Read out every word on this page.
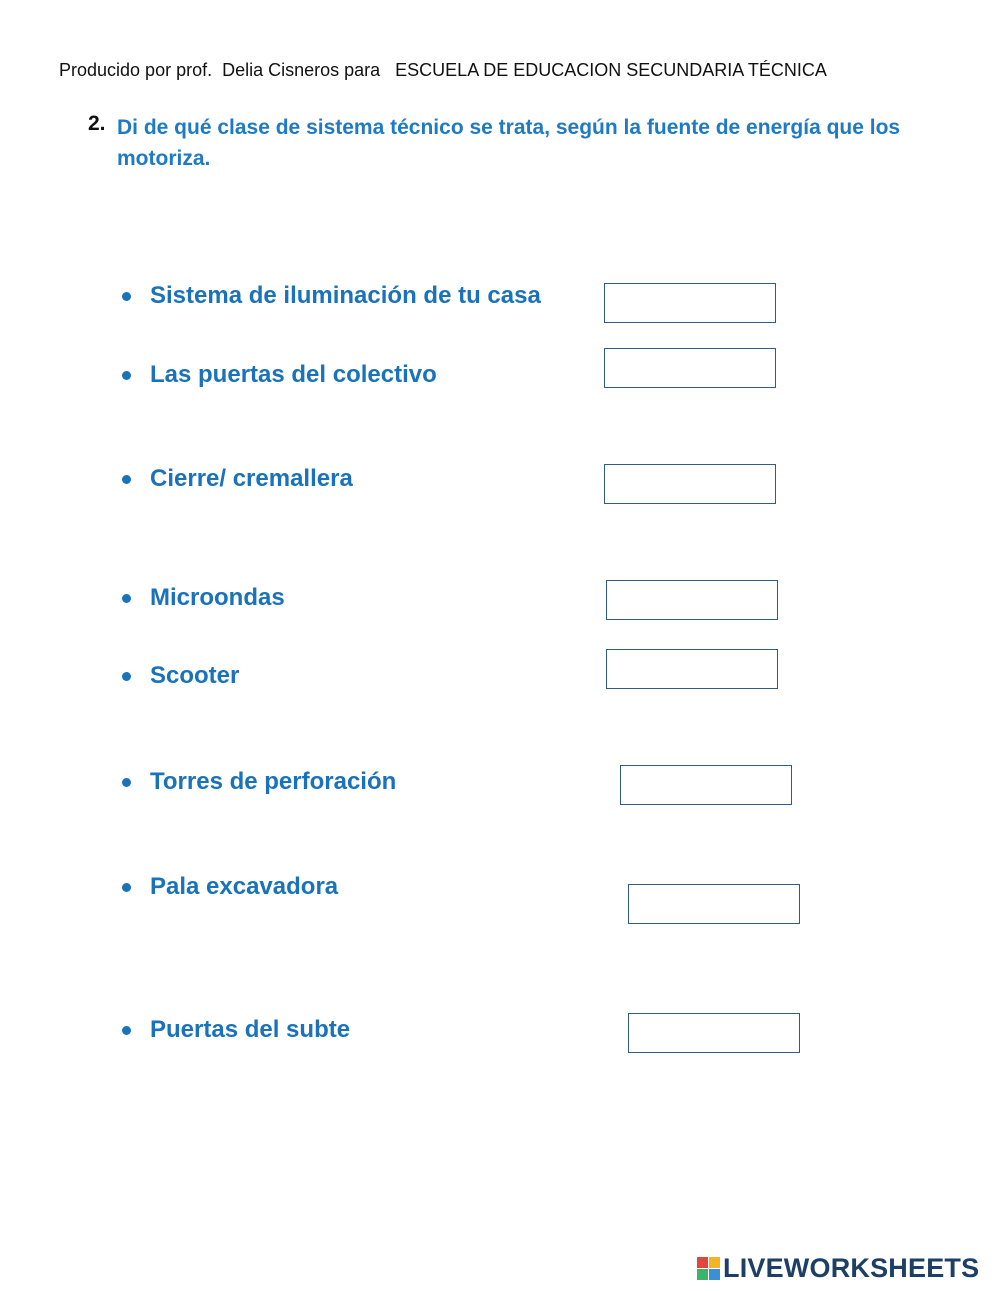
Producido por prof.  Delia Cisneros para   ESCUELA DE EDUCACION SECUNDARIA TÉCNICA
2. Di de qué clase de sistema técnico se trata, según la fuente de energía que los motoriza.
Sistema de iluminación de tu casa
Las puertas del colectivo
Cierre/ cremallera
Microondas
Scooter
Torres de perforación
Pala excavadora
Puertas del subte
LIVEWORKSHEETS
